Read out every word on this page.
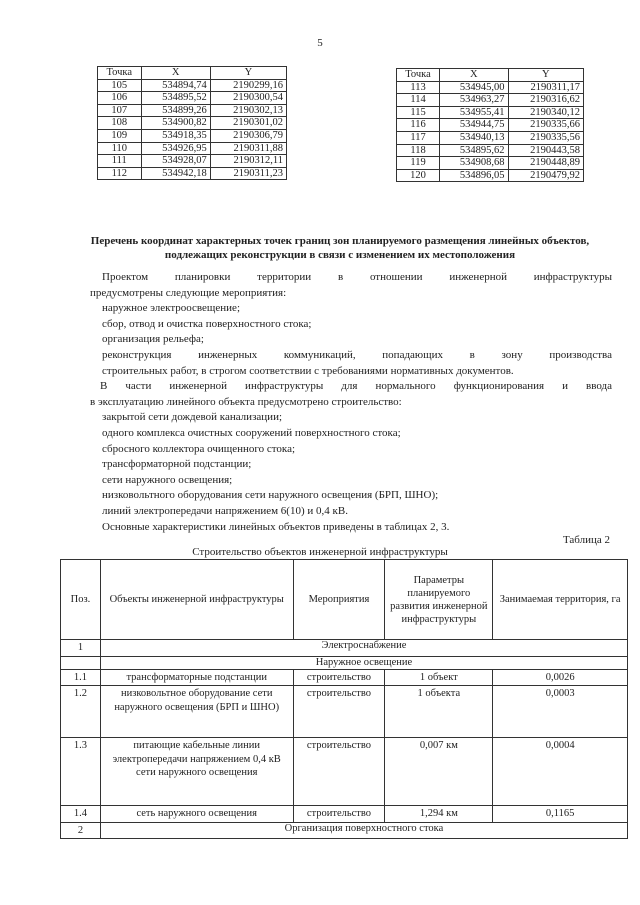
5
Точка	X	Y
105	534894,74	2190299,16
106	534895,52	2190300,54
107	534899,26	2190302,13
108	534900,82	2190301,02
109	534918,35	2190306,79
110	534926,95	2190311,88
111	534928,07	2190312,11
112	534942,18	2190311,23
Точка	X	Y
113	534945,00	2190311,17
114	534963,27	2190316,62
115	534955,41	2190340,12
116	534944,75	2190335,66
117	534940,13	2190335,56
118	534895,62	2190443,58
119	534908,68	2190448,89
120	534896,05	2190479,92
Перечень координат характерных точек границ зон планируемого размещения линейных объектов, подлежащих реконструкции в связи с изменением их местоположения

Проектом планировки территории в отношении инженерной инфраструктуры

предусмотрены следующие мероприятия:

наружное электроосвещение;

сбор, отвод и очистка поверхностного стока;

организация рельефа;

реконструкция инженерных коммуникаций, попадающих в зону производства

строительных работ, в строгом соответствии с требованиями нормативных документов.

В части инженерной инфраструктуры для нормального функционирования и ввода

в эксплуатацию линейного объекта предусмотрено строительство:

закрытой сети дождевой канализации;

одного комплекса очистных сооружений поверхностного стока;

сбросного коллектора очищенного стока;

трансформаторной подстанции;

сети наружного освещения;

низковольтного оборудования сети наружного освещения (БРП, ШНО);

линий электропередачи напряжением 6(10) и 0,4 кВ.

Основные характеристики линейных объектов приведены в таблицах 2, 3.

Таблица 2
Строительство объектов инженерной инфраструктуры
Поз.	Объекты инженерной инфраструктуры	Мероприятия	Параметры планируемого развития инженерной инфраструктуры	Занимаемая территория, га
1	Электроснабжение			
	Наружное освещение			
1.1	трансформаторные подстанции	строительство	1 объект	0,0026
1.2	низковольтное оборудование сети наружного освещения (БРП и ШНО)	строительство	1 объекта	0,0003
1.3	питающие кабельные линии электропередачи напряжением 0,4 кВ сети наружного освещения	строительство	0,007 км	0,0004
1.4	сеть наружного освещения	строительство	1,294 км	0,1165
2	Организация поверхностного стока			
